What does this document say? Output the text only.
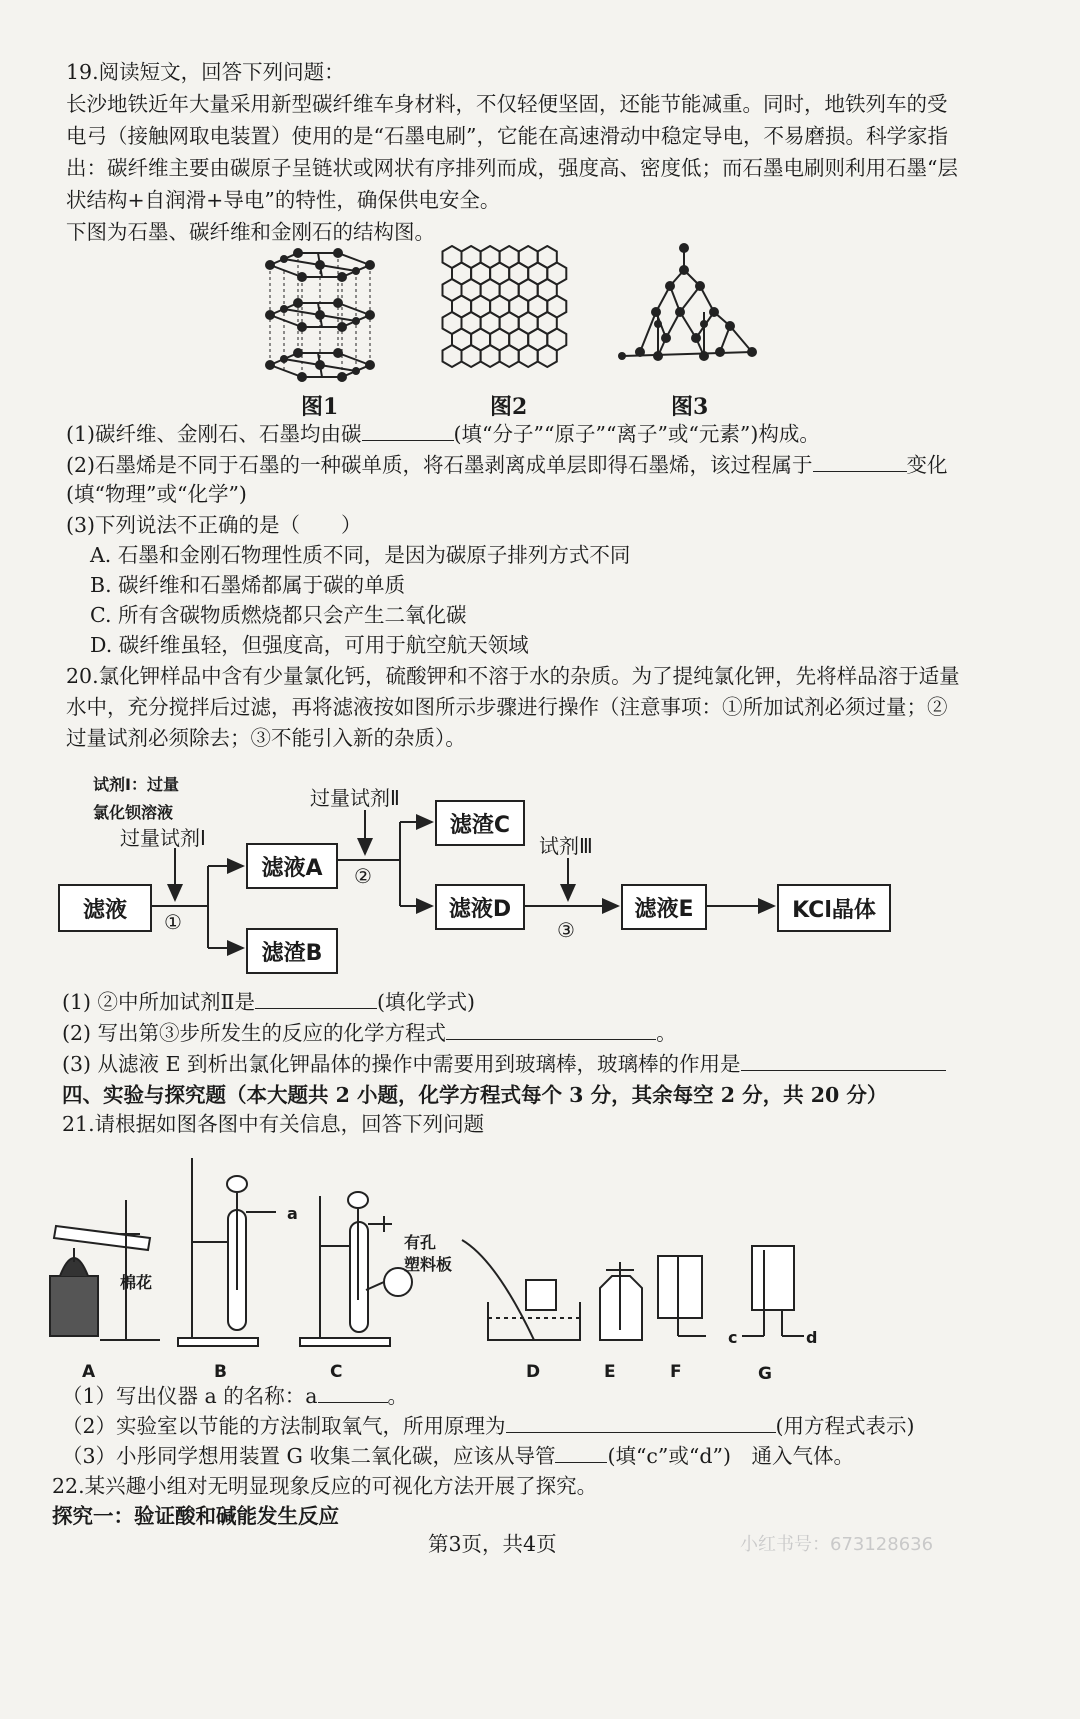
19.阅读短文，回答下列问题：
长沙地铁近年大量采用新型碳纤维车身材料，不仅轻便坚固，还能节能减重。同时，地铁列车的受
电弓（接触网取电装置）使用的是“石墨电刷”，它能在高速滑动中稳定导电，不易磨损。科学家指
出：碳纤维主要由碳原子呈链状或网状有序排列而成，强度高、密度低；而石墨电刷则利用石墨“层
状结构+自润滑+导电”的特性，确保供电安全。
下图为石墨、碳纤维和金刚石的结构图。
图1	图2	图3
(1)碳纤维、金刚石、石墨均由碳	(填“分子”“原子”“离子”或“元素”)构成。
(2)石墨烯是不同于石墨的一种碳单质，将石墨剥离成单层即得石墨烯，该过程属于	变化
(填“物理”或“化学”)
(3)下列说法不正确的是（　　）
A. 石墨和金刚石物理性质不同，是因为碳原子排列方式不同
B. 碳纤维和石墨烯都属于碳的单质
C. 所有含碳物质燃烧都只会产生二氧化碳
D. 碳纤维虽轻，但强度高，可用于航空航天领域
20.氯化钾样品中含有少量氯化钙，硫酸钾和不溶于水的杂质。为了提纯氯化钾，先将样品溶于适量
水中，充分搅拌后过滤，再将滤液按如图所示步骤进行操作（注意事项：①所加试剂必须过量；②
过量试剂必须除去；③不能引入新的杂质）。
试剂Ⅰ：过量
氯化钡溶液
过量试剂Ⅰ
过量试剂Ⅱ
试剂Ⅲ
①
②
③
滤液
滤液A
滤渣B
滤渣C
滤液D	滤液E	KCl晶体
(1) ②中所加试剂Ⅱ是	(填化学式)
(2) 写出第③步所发生的反应的化学方程式	。
(3) 从滤液 E 到析出氯化钾晶体的操作中需要用到玻璃棒，玻璃棒的作用是
四、实验与探究题（本大题共 2 小题，化学方程式每个 3 分，其余每空 2 分，共 20 分）
21.请根据如图各图中有关信息，回答下列问题
棉花
有孔
塑料板
a
c	d
A	B	C	D	E	F	G
（1）写出仪器 a 的名称：a	。
（2）实验室以节能的方法制取氧气，所用原理为	(用方程式表示)
（3）小彤同学想用装置 G 收集二氧化碳，应该从导管	(填“c”或“d”)　通入气体。
22.某兴趣小组对无明显现象反应的可视化方法开展了探究。
探究一：验证酸和碱能发生反应
第3页，共4页	小红书号：673128636
